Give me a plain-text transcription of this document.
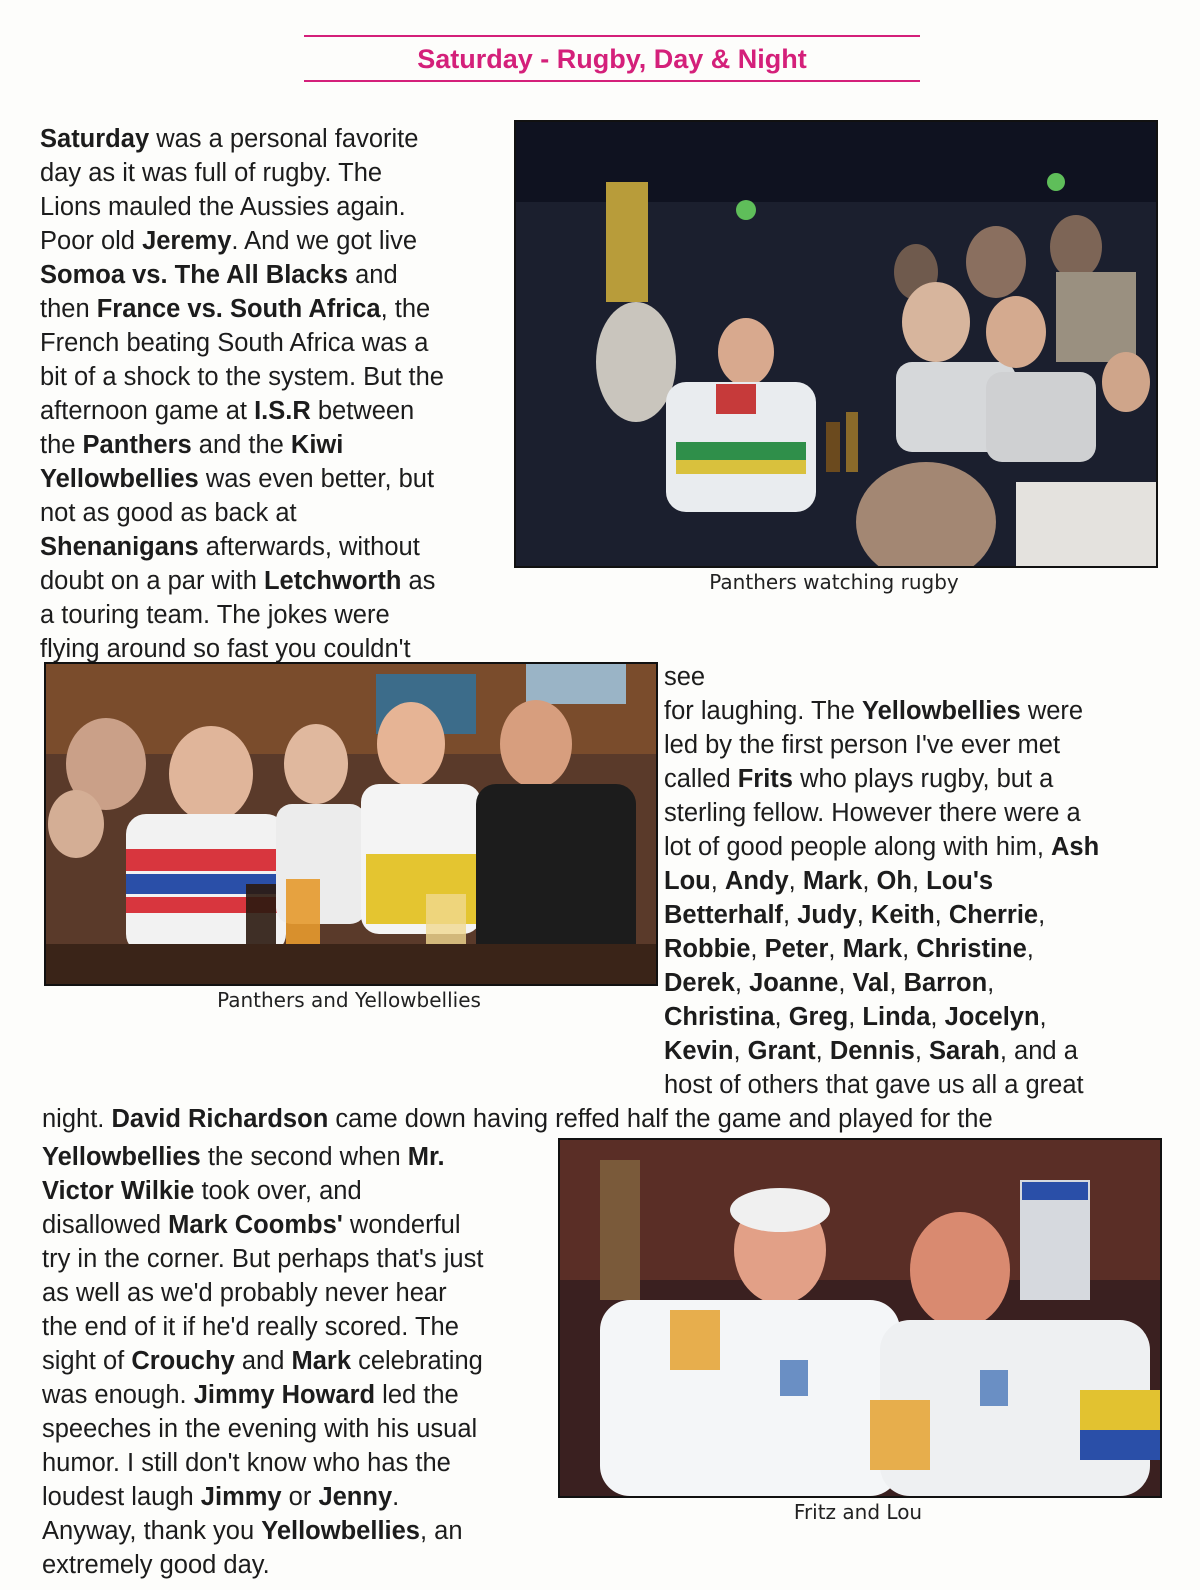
Saturday - Rugby, Day & Night
Saturday was a personal favorite
day as it was full of rugby. The
Lions mauled the Aussies again.
Poor old Jeremy. And we got live
Somoa vs. The All Blacks and
then France vs. South Africa, the
French beating South Africa was a
bit of a shock to the system. But the
afternoon game at I.S.R between
the Panthers and the Kiwi
Yellowbellies was even better, but
not as good as back at
Shenanigans afterwards, without
doubt on a par with Letchworth as
a touring team. The jokes were
flying around so fast you couldn't
see
for laughing. The Yellowbellies were
led by the first person I've ever met
called Frits who plays rugby, but a
sterling fellow. However there were a
lot of good people along with him, Ash
Lou, Andy, Mark, Oh, Lou's
Betterhalf, Judy, Keith, Cherrie,
Robbie, Peter, Mark, Christine,
Derek, Joanne, Val, Barron,
Christina, Greg, Linda, Jocelyn,
Kevin, Grant, Dennis, Sarah, and a
host of others that gave us all a great
night. David Richardson came down having reffed half the game and played for the
Yellowbellies the second when Mr.
Victor Wilkie took over, and
disallowed Mark Coombs' wonderful
try in the corner. But perhaps that's just
as well as we'd probably never hear
the end of it if he'd really scored. The
sight of Crouchy and Mark celebrating
was enough. Jimmy Howard led the
speeches in the evening with his usual
humor. I still don't know who has the
loudest laugh Jimmy or Jenny.
Anyway, thank you Yellowbellies, an
extremely good day.
Panthers watching rugby
Panthers and Yellowbellies
Fritz and Lou
